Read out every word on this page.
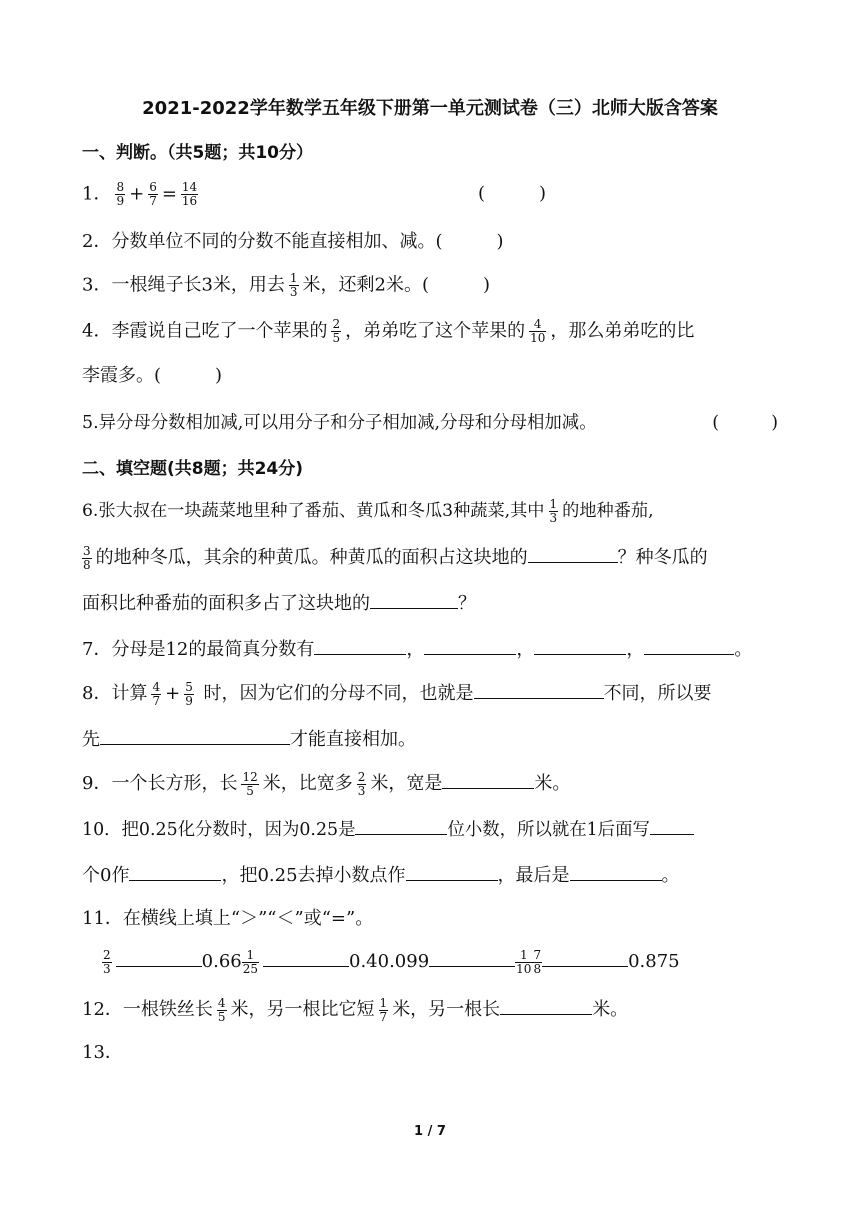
2021-2022学年数学五年级下册第一单元测试卷（三）北师大版含答案
一、判断。（共5题；共10分）
1． $\frac{8}{9} + \frac{6}{7} = \frac{14}{16}$	(　　　)
2．分数单位不同的分数不能直接相加、减。(　　　)
3．一根绳子长3米，用去 $\frac{1}{3}$ 米，还剩2米。(　　　)
4．李霞说自己吃了一个苹果的 $\frac{2}{5}$ ，弟弟吃了这个苹果的 $\frac{4}{10}$ ，那么弟弟吃的比
李霞多。(　　　)
5.异分母分数相加减,可以用分子和分子相加减,分母和分母相加减。	(　　　)
二、填空题(共8题；共24分)
6.张大叔在一块蔬菜地里种了番茄、黄瓜和冬瓜3种蔬菜,其中 $\frac{1}{3}$ 的地种番茄,
$\frac{3}{8}$ 的地种冬瓜，其余的种黄瓜。种黄瓜的面积占这块地的	？种冬瓜的
面积比种番茄的面积多占了这块地的	？
7．分母是12的最简真分数有	，	，	，	。
8．计算 $\frac{4}{7} + \frac{5}{9}$ 时，因为它们的分母不同，也就是	不同，所以要
先	才能直接相加。
9．一个长方形，长 $\frac{12}{5}$ 米，比宽多 $\frac{2}{3}$ 米，宽是	米。
10．把0.25化分数时，因为0.25是	位小数，所以就在1后面写
个0作	，把0.25去掉小数点作	，最后是	。
11．在横线上填上“＞”“＜”或“=”。
$\frac{2}{3}$	$0.66 \frac{1}{25}$	0.40.099	$\frac{1}{10} \frac{7}{8}$	0.875
12．一根铁丝长 $\frac{4}{5}$ 米，另一根比它短 $\frac{1}{7}$ 米，另一根长	米。
13．
1 / 7
